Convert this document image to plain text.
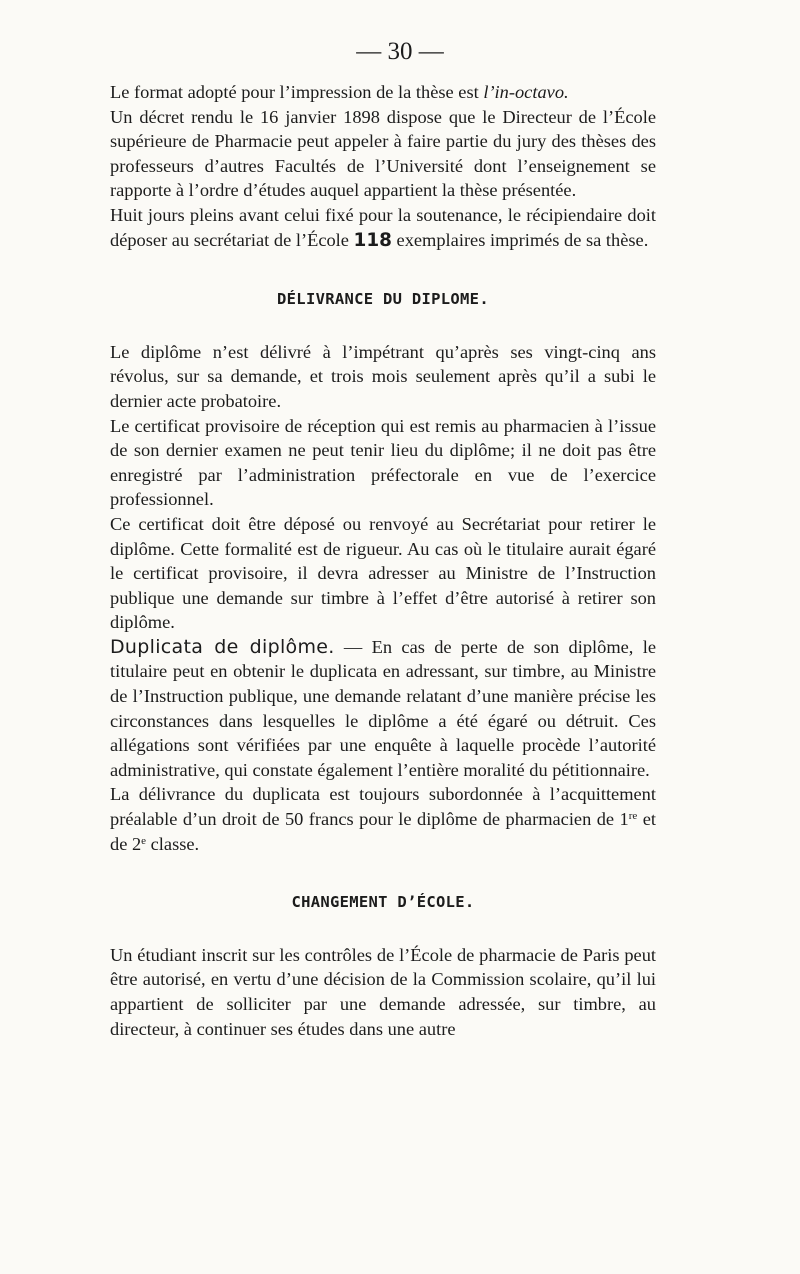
— 30 —

Le format adopté pour l’impression de la thèse est l’in-octavo.

Un décret rendu le 16 janvier 1898 dispose que le Directeur de l’École supérieure de Pharmacie peut appeler à faire partie du jury des thèses des professeurs d’autres Facultés de l’Université dont l’enseignement se rapporte à l’ordre d’études auquel appartient la thèse présentée.

Huit jours pleins avant celui fixé pour la soutenance, le récipiendaire doit déposer au secrétariat de l’École 118 exemplaires imprimés de sa thèse.

DÉLIVRANCE DU DIPLOME.

Le diplôme n’est délivré à l’impétrant qu’après ses vingt-cinq ans révolus, sur sa demande, et trois mois seulement après qu’il a subi le dernier acte probatoire.

Le certificat provisoire de réception qui est remis au pharmacien à l’issue de son dernier examen ne peut tenir lieu du diplôme; il ne doit pas être enregistré par l’administration préfectorale en vue de l’exercice professionnel.

Ce certificat doit être déposé ou renvoyé au Secrétariat pour retirer le diplôme. Cette formalité est de rigueur. Au cas où le titulaire aurait égaré le certificat provisoire, il devra adresser au Ministre de l’Instruction publique une demande sur timbre à l’effet d’être autorisé à retirer son diplôme.

Duplicata de diplôme. — En cas de perte de son diplôme, le titulaire peut en obtenir le duplicata en adressant, sur timbre, au Ministre de l’Instruction publique, une demande relatant d’une manière précise les circonstances dans lesquelles le diplôme a été égaré ou détruit. Ces allégations sont vérifiées par une enquête à laquelle procède l’autorité administrative, qui constate également l’entière moralité du pétitionnaire.

La délivrance du duplicata est toujours subordonnée à l’acquittement préalable d’un droit de 50 francs pour le diplôme de pharmacien de 1re et de 2e classe.

CHANGEMENT D’ÉCOLE.

Un étudiant inscrit sur les contrôles de l’École de pharmacie de Paris peut être autorisé, en vertu d’une décision de la Commission scolaire, qu’il lui appartient de solliciter par une demande adressée, sur timbre, au directeur, à continuer ses études dans une autre
